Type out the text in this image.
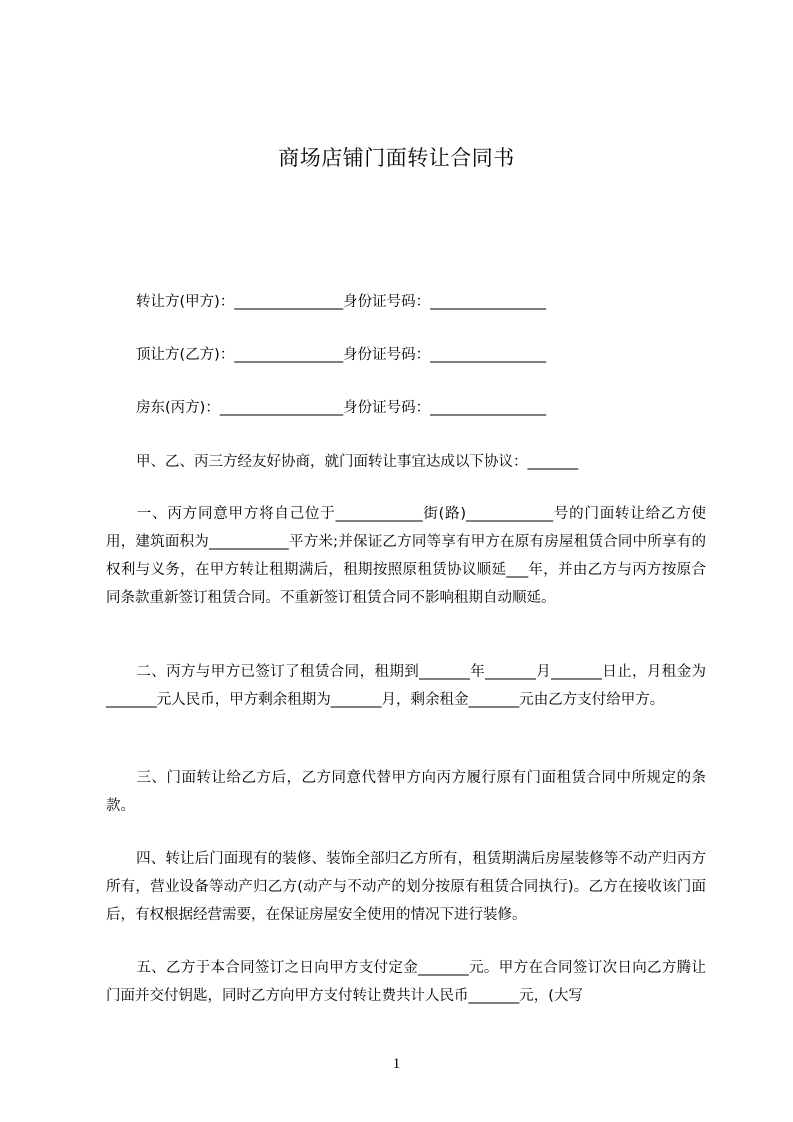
商场店铺门面转让合同书
转让方(甲方)：_______________身份证号码：________________
顶让方(乙方)：_______________身份证号码：________________
房东(丙方)：_________________身份证号码：________________
甲、乙、丙三方经友好协商，就门面转让事宜达成以下协议：_______

一、丙方同意甲方将自己位于____________街(路)____________号的门面转让给乙方使用，建筑面积为___________平方米;并保证乙方同等享有甲方在原有房屋租赁合同中所享有的权利与义务，在甲方转让租期满后，租期按照原租赁协议顺延___年，并由乙方与丙方按原合同条款重新签订租赁合同。不重新签订租赁合同不影响租期自动顺延。

二、丙方与甲方已签订了租赁合同，租期到_______年_______月_______日止，月租金为_______元人民币，甲方剩余租期为_______月，剩余租金_______元由乙方支付给甲方。

三、门面转让给乙方后，乙方同意代替甲方向丙方履行原有门面租赁合同中所规定的条款。

四、转让后门面现有的装修、装饰全部归乙方所有，租赁期满后房屋装修等不动产归丙方所有，营业设备等动产归乙方(动产与不动产的划分按原有租赁合同执行)。乙方在接收该门面后，有权根据经营需要，在保证房屋安全使用的情况下进行装修。

五、乙方于本合同签订之日向甲方支付定金_______元。甲方在合同签订次日向乙方腾让门面并交付钥匙，同时乙方向甲方支付转让费共计人民币_______元，(大写

1
